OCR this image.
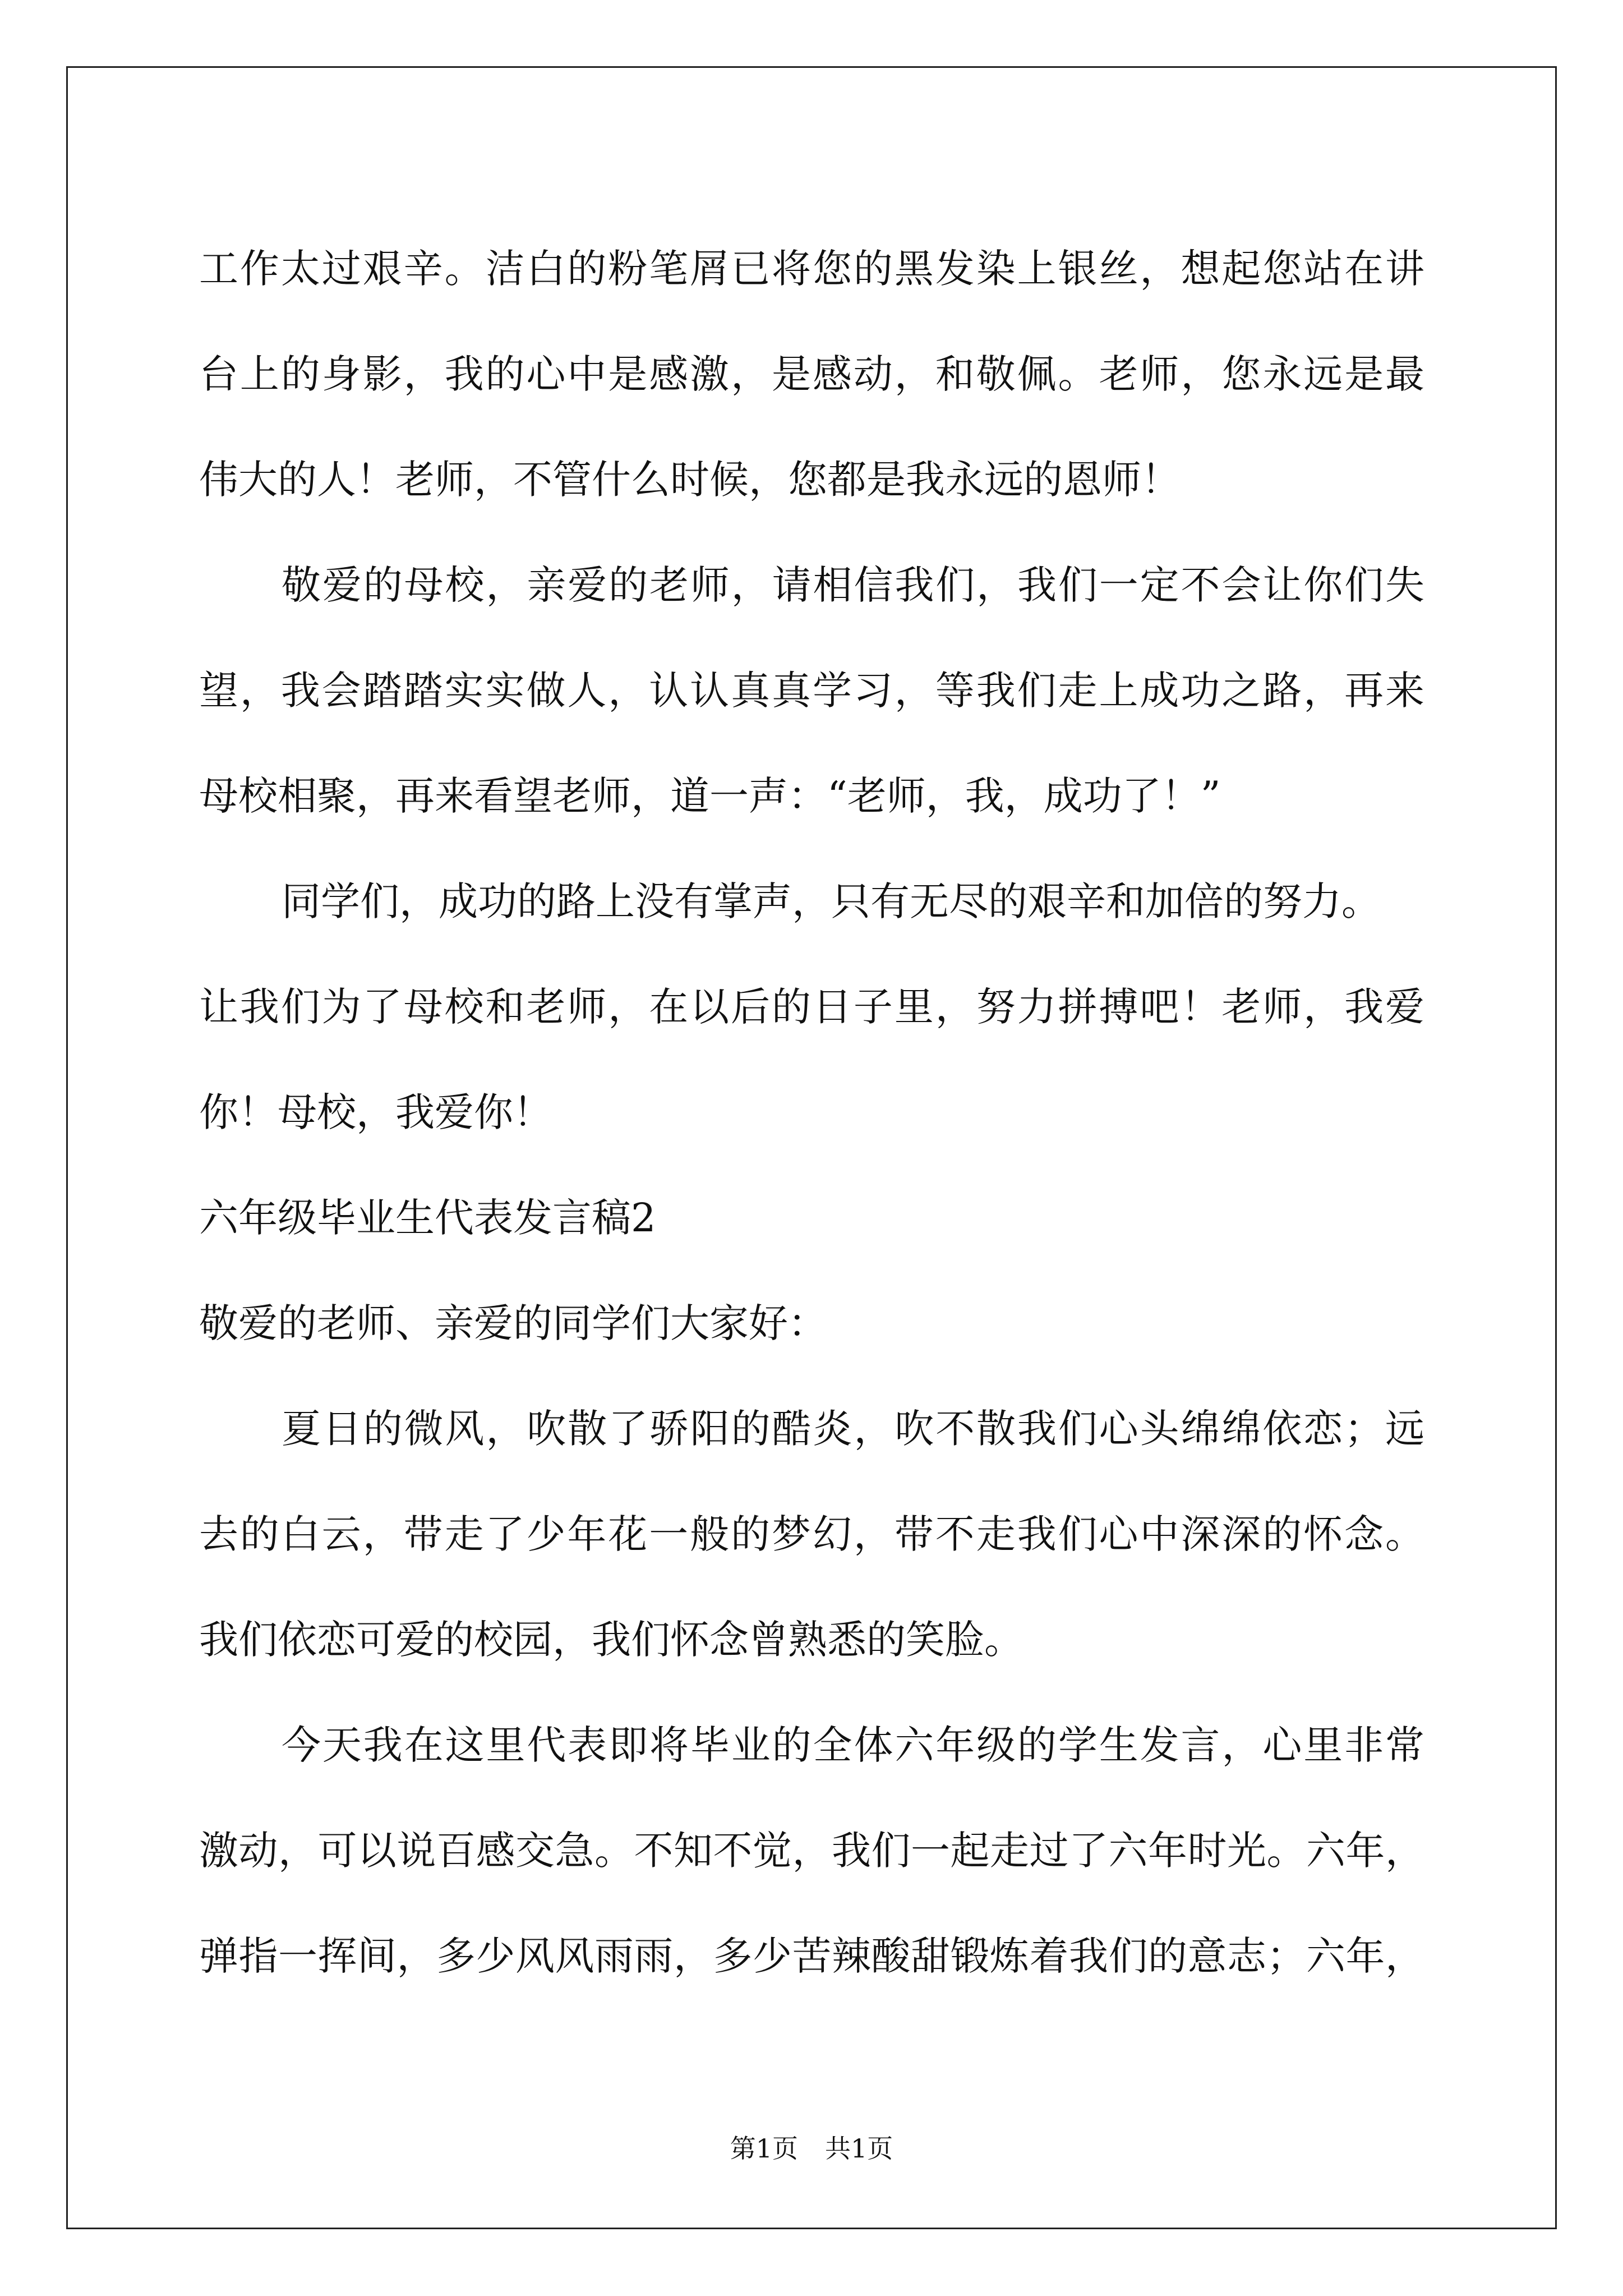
工作太过艰辛。洁白的粉笔屑已将您的黑发染上银丝，想起您站在讲
台上的身影，我的心中是感激，是感动，和敬佩。老师，您永远是最
伟大的人！老师，不管什么时候，您都是我永远的恩师！
敬爱的母校，亲爱的老师，请相信我们，我们一定不会让你们失
望，我会踏踏实实做人，认认真真学习，等我们走上成功之路，再来
母校相聚，再来看望老师，道一声：“老师，我，成功了！”
同学们，成功的路上没有掌声，只有无尽的艰辛和加倍的努力。
让我们为了母校和老师，在以后的日子里，努力拼搏吧！老师，我爱
你！母校，我爱你！
六年级毕业生代表发言稿2
敬爱的老师、亲爱的同学们大家好：
夏日的微风，吹散了骄阳的酷炎，吹不散我们心头绵绵依恋；远
去的白云，带走了少年花一般的梦幻，带不走我们心中深深的怀念。
我们依恋可爱的校园，我们怀念曾熟悉的笑脸。
今天我在这里代表即将毕业的全体六年级的学生发言，心里非常
激动，可以说百感交急。不知不觉，我们一起走过了六年时光。六年，
弹指一挥间，多少风风雨雨，多少苦辣酸甜锻炼着我们的意志；六年，
第1页 共1页
